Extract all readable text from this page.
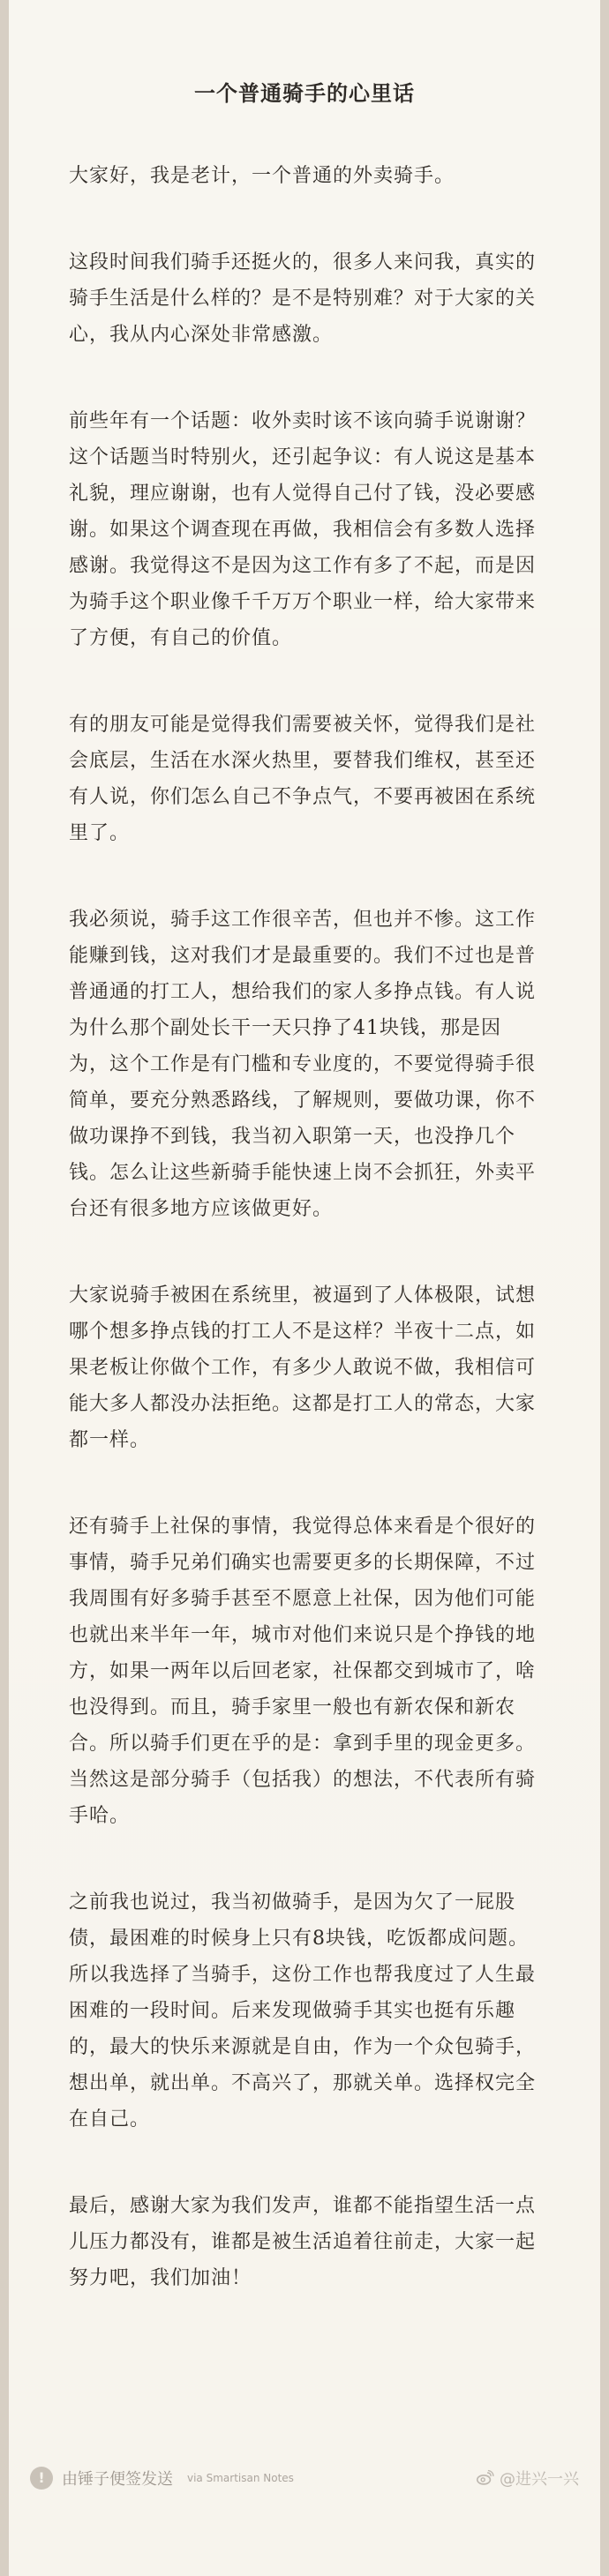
一个普通骑手的心里话

大家好，我是老计，一个普通的外卖骑手。

这段时间我们骑手还挺火的，很多人来问我，真实的骑手生活是什么样的？是不是特别难？对于大家的关心，我从内心深处非常感激。

前些年有一个话题：收外卖时该不该向骑手说谢谢？这个话题当时特别火，还引起争议：有人说这是基本礼貌，理应谢谢，也有人觉得自己付了钱，没必要感谢。如果这个调查现在再做，我相信会有多数人选择感谢。我觉得这不是因为这工作有多了不起，而是因为骑手这个职业像千千万万个职业一样，给大家带来了方便，有自己的价值。

有的朋友可能是觉得我们需要被关怀，觉得我们是社会底层，生活在水深火热里，要替我们维权，甚至还有人说，你们怎么自己不争点气，不要再被困在系统里了。

我必须说，骑手这工作很辛苦，但也并不惨。这工作能赚到钱，这对我们才是最重要的。我们不过也是普普通通的打工人，想给我们的家人多挣点钱。有人说为什么那个副处长干一天只挣了41块钱，那是因为，这个工作是有门槛和专业度的，不要觉得骑手很简单，要充分熟悉路线，了解规则，要做功课，你不做功课挣不到钱，我当初入职第一天，也没挣几个钱。怎么让这些新骑手能快速上岗不会抓狂，外卖平台还有很多地方应该做更好。

大家说骑手被困在系统里，被逼到了人体极限，试想哪个想多挣点钱的打工人不是这样？半夜十二点，如果老板让你做个工作，有多少人敢说不做，我相信可能大多人都没办法拒绝。这都是打工人的常态，大家都一样。

还有骑手上社保的事情，我觉得总体来看是个很好的事情，骑手兄弟们确实也需要更多的长期保障，不过我周围有好多骑手甚至不愿意上社保，因为他们可能也就出来半年一年，城市对他们来说只是个挣钱的地方，如果一两年以后回老家，社保都交到城市了，啥也没得到。而且，骑手家里一般也有新农保和新农合。所以骑手们更在乎的是：拿到手里的现金更多。当然这是部分骑手（包括我）的想法，不代表所有骑手哈。

之前我也说过，我当初做骑手，是因为欠了一屁股债，最困难的时候身上只有8块钱，吃饭都成问题。所以我选择了当骑手，这份工作也帮我度过了人生最困难的一段时间。后来发现做骑手其实也挺有乐趣的，最大的快乐来源就是自由，作为一个众包骑手，想出单，就出单。不高兴了，那就关单。选择权完全在自己。

最后，感谢大家为我们发声，谁都不能指望生活一点儿压力都没有，谁都是被生活追着往前走，大家一起努力吧，我们加油！

!	由锤子便签发送 via Smartisan Notes	@进兴一兴
